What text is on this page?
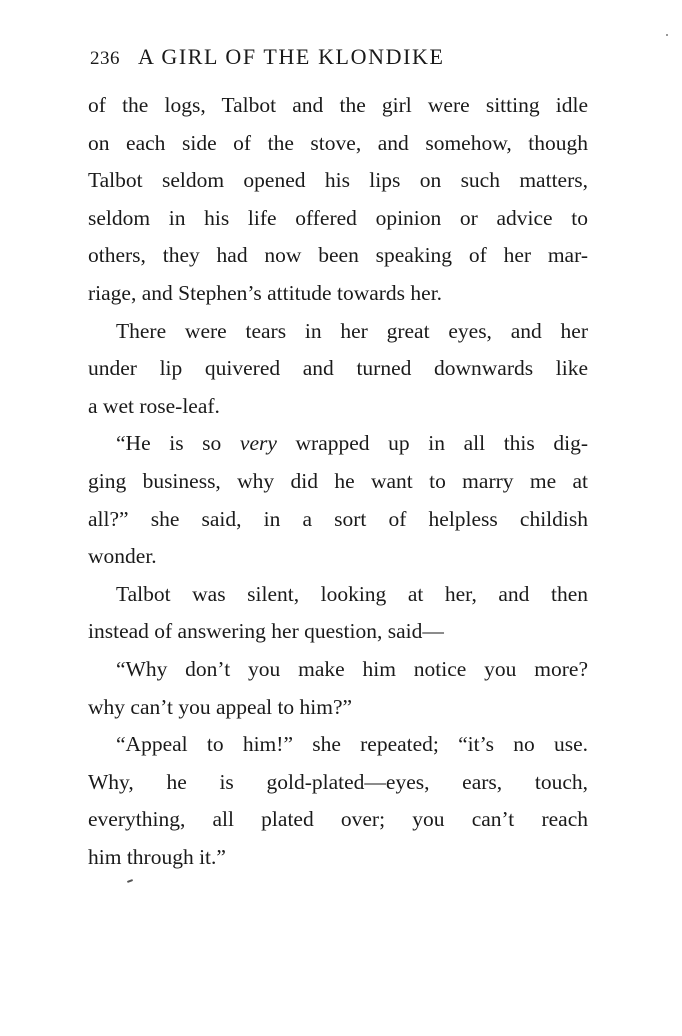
236 A GIRL OF THE KLONDIKE
of the logs, Talbot and the girl were sitting idle
on each side of the stove, and somehow, though
Talbot seldom opened his lips on such matters,
seldom in his life offered opinion or advice to
others, they had now been speaking of her mar-
riage, and Stephen’s attitude towards her.
There were tears in her great eyes, and her
under lip quivered and turned downwards like
a wet rose-leaf.
“He is so very wrapped up in all this dig-
ging business, why did he want to marry me at
all?” she said, in a sort of helpless childish
wonder.
Talbot was silent, looking at her, and then
instead of answering her question, said—
“Why don’t you make him notice you more?
why can’t you appeal to him?”
“Appeal to him!” she repeated; “it’s no use.
Why, he is gold-plated—eyes, ears, touch,
everything, all plated over; you can’t reach
him through it.”
